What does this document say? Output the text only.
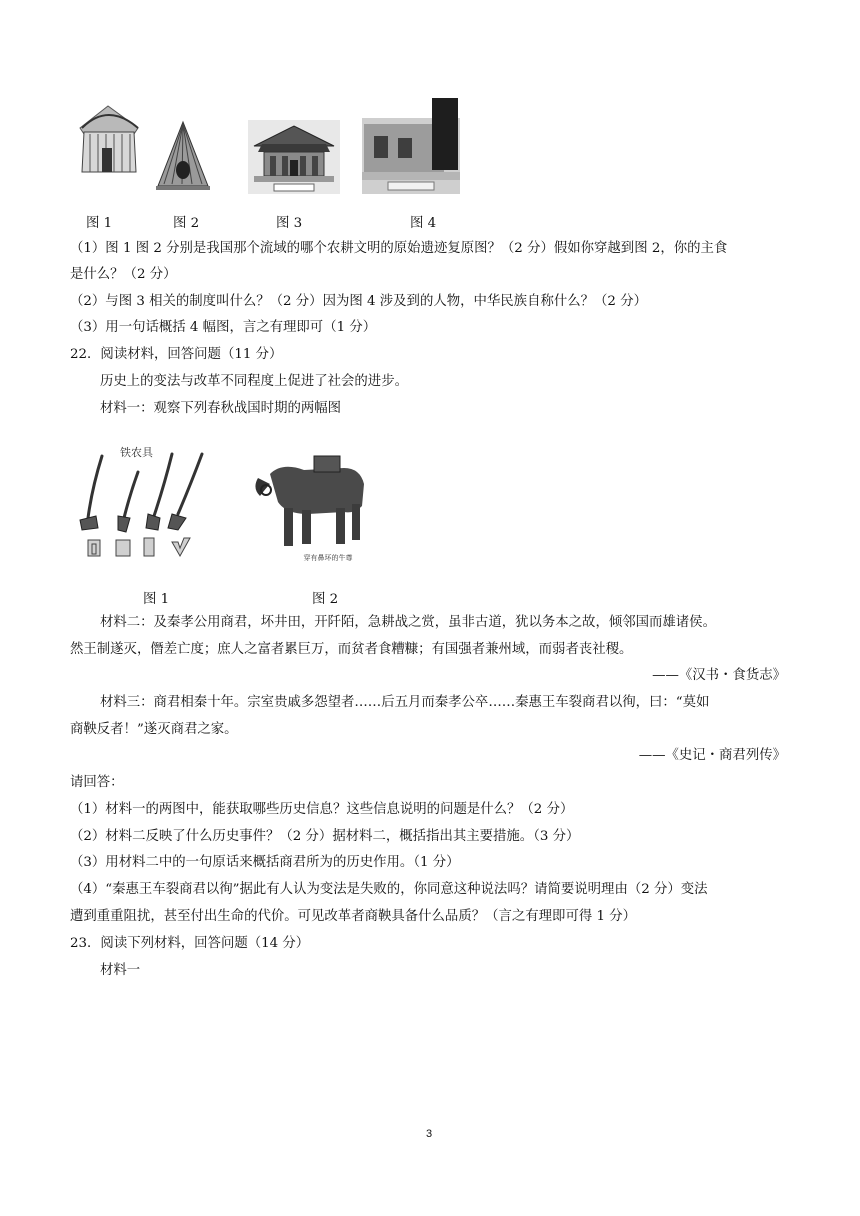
图 1	图 2	图 3	图 4
（1）图 1 图 2 分别是我国那个流域的哪个农耕文明的原始遗迹复原图？（2 分）假如你穿越到图 2，你的主食
是什么？（2 分）
（2）与图 3 相关的制度叫什么？（2 分）因为图 4 涉及到的人物，中华民族自称什么？（2 分）
（3）用一句话概括 4 幅图，言之有理即可（1 分）
22．阅读材料，回答问题（11 分）
历史上的变法与改革不同程度上促进了社会的进步。
材料一：观察下列春秋战国时期的两幅图
铁农具
穿有鼻环的牛尊
图 1	图 2
材料二：及秦孝公用商君，坏井田，开阡陌，急耕战之赏，虽非古道，犹以务本之故，倾邻国而雄诸侯。
然王制遂灭，僭差亡度；庶人之富者累巨万，而贫者食糟糠；有国强者兼州域，而弱者丧社稷。
——《汉书・食货志》
材料三：商君相秦十年。宗室贵戚多怨望者……后五月而秦孝公卒……秦惠王车裂商君以徇，曰：“莫如
商鞅反者！”遂灭商君之家。
——《史记・商君列传》
请回答：
（1）材料一的两图中，能获取哪些历史信息？这些信息说明的问题是什么？（2 分）
（2）材料二反映了什么历史事件？（2 分）据材料二，概括指出其主要措施。（3 分）
（3）用材料二中的一句原话来概括商君所为的历史作用。（1 分）
（4）“秦惠王车裂商君以徇”据此有人认为变法是失败的，你同意这种说法吗？请简要说明理由（2 分）变法
遭到重重阻扰，甚至付出生命的代价。可见改革者商鞅具备什么品质？（言之有理即可得 1 分）
23．阅读下列材料，回答问题（14 分）
材料一
3
